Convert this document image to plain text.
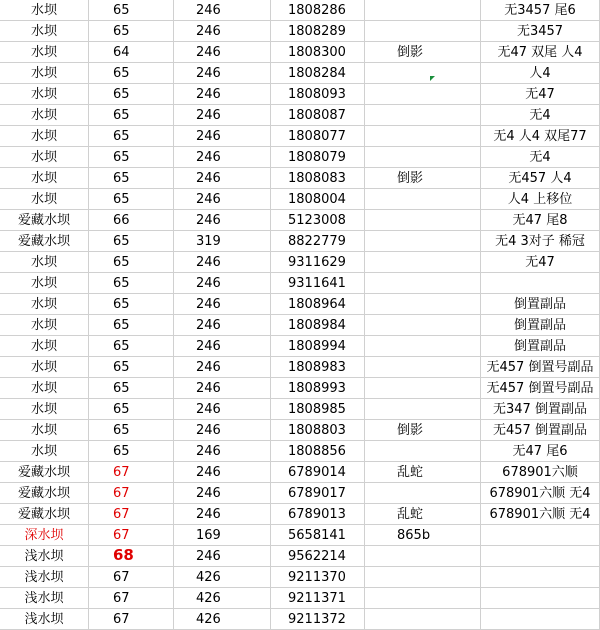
水坝	65	246	1808286		无3457 尾6
水坝	65	246	1808289		无3457
水坝	64	246	1808300	倒影	无47 双尾 人4
水坝	65	246	1808284		人4
水坝	65	246	1808093		无47
水坝	65	246	1808087		无4
水坝	65	246	1808077		无4 人4 双尾77
水坝	65	246	1808079		无4
水坝	65	246	1808083	倒影	无457 人4
水坝	65	246	1808004		人4 上移位
爱藏水坝	66	246	5123008		无47 尾8
爱藏水坝	65	319	8822779		无4 3对子 稀冠
水坝	65	246	9311629		无47
水坝	65	246	9311641		
水坝	65	246	1808964		倒置副品
水坝	65	246	1808984		倒置副品
水坝	65	246	1808994		倒置副品
水坝	65	246	1808983		无457 倒置号副品
水坝	65	246	1808993		无457 倒置号副品
水坝	65	246	1808985		无347 倒置副品
水坝	65	246	1808803	倒影	无457 倒置副品
水坝	65	246	1808856		无47 尾6
爱藏水坝	67	246	6789014	乱蛇	678901六顺
爱藏水坝	67	246	6789017		678901六顺 无4
爱藏水坝	67	246	6789013	乱蛇	678901六顺 无4
深水坝	67	169	5658141	865b	
浅水坝	68	246	9562214		
浅水坝	67	426	9211370		
浅水坝	67	426	9211371		
浅水坝	67	426	9211372		
